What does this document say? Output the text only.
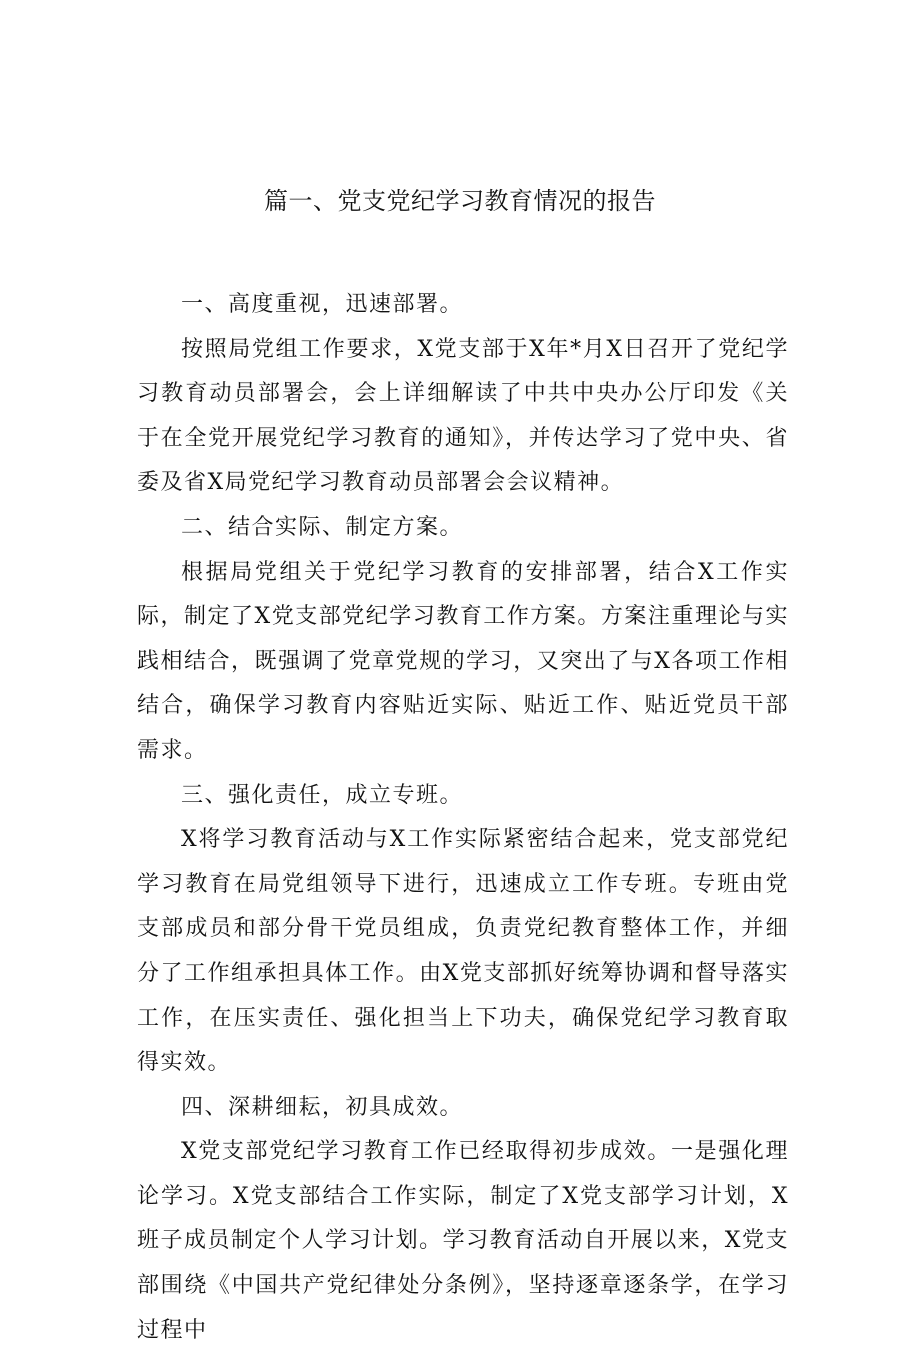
篇一、党支党纪学习教育情况的报告

一、高度重视，迅速部署。

按照局党组工作要求，X党支部于X年*月X日召开了党纪学习教育动员部署会，会上详细解读了中共中央办公厅印发《关于在全党开展党纪学习教育的通知》，并传达学习了党中央、省委及省X局党纪学习教育动员部署会会议精神。

二、结合实际、制定方案。

根据局党组关于党纪学习教育的安排部署，结合X工作实际，制定了X党支部党纪学习教育工作方案。方案注重理论与实践相结合，既强调了党章党规的学习，又突出了与X各项工作相结合，确保学习教育内容贴近实际、贴近工作、贴近党员干部需求。

三、强化责任，成立专班。

X将学习教育活动与X工作实际紧密结合起来，党支部党纪学习教育在局党组领导下进行，迅速成立工作专班。专班由党支部成员和部分骨干党员组成，负责党纪教育整体工作，并细分了工作组承担具体工作。由X党支部抓好统筹协调和督导落实工作，在压实责任、强化担当上下功夫，确保党纪学习教育取得实效。

四、深耕细耘，初具成效。

X党支部党纪学习教育工作已经取得初步成效。一是强化理论学习。X党支部结合工作实际，制定了X党支部学习计划，X班子成员制定个人学习计划。学习教育活动自开展以来，X党支部围绕《中国共产党纪律处分条例》，坚持逐章逐条学，在学习过程中
